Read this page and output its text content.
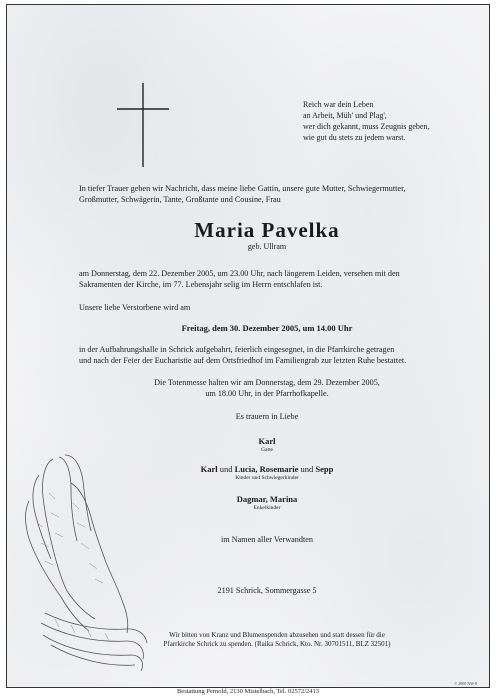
Reich war dein Leben
an Arbeit, Müh' und Plag',
wer dich gekannt, muss Zeugnis geben,
wie gut du stets zu jedem warst.
In tiefer Trauer geben wir Nachricht, dass meine liebe Gattin, unsere gute Mutter, Schwiegermutter,
Großmutter, Schwägerin, Tante, Großtante und Cousine, Frau
Maria Pavelka
geb. Ullram
am Donnerstag, dem 22. Dezember 2005, um 23.00 Uhr, nach längerem Leiden, versehen mit den
Sakramenten der Kirche, im 77. Lebensjahr selig im Herrn entschlafen ist.
Unsere liebe Verstorbene wird am
Freitag, dem 30. Dezember 2005, um 14.00 Uhr
in der Aufbahrungshalle in Schrick aufgebahrt, feierlich eingesegnet, in die Pfarrkirche getragen
und nach der Feier der Eucharistie auf dem Ortsfriedhof im Familiengrab zur letzten Ruhe bestattet.
Die Totenmesse halten wir am Donnerstag, dem 29. Dezember 2005,
um 18.00 Uhr, in der Pfarrhofkapelle.
Es trauern in Liebe
Karl
Gatte
Karl und Lucia, Rosemarie und Sepp
Kinder und Schwiegerkinder
Dagmar, Marina
Enkelkinder
im Namen aller Verwandten
2191 Schrick, Sommergasse 5
Wir bitten von Kranz und Blumenspenden abzusehen und statt dessen für die
Pfarrkirche Schrick zu spenden. (Raika Schrick, Kto. Nr. 30701511, BLZ 32501)
© 2000 NW-8
Bestattung Pernold, 2130 Mistelbach, Tel. 02572/2413
